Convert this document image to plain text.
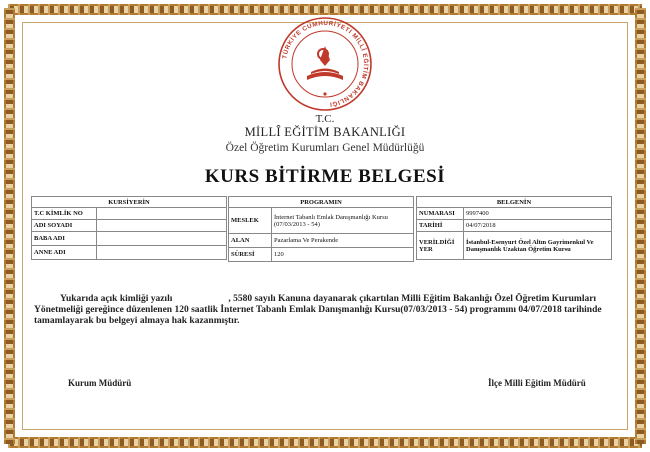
TÜRKİYE CUMHURİYETİ MİLLÎ EĞİTİM BAKANLIĞI
T.C.
MİLLÎ EĞİTİM BAKANLIĞI
Özel Öğretim Kurumları Genel Müdürlüğü
KURS BİTİRME BELGESİ
KURSİYERİN	
T.C KİMLİK NO	
ADI SOYADI	
BABA ADI	
ANNE ADI	
PROGRAMIN	
MESLEK	İnternet Tabanlı Emlak Danışmanlığı Kursu (07/03/2013 - 54)
ALAN	Pazarlama Ve Perakende
SÜRESİ	120
BELGENİN	
NUMARASI	9997400
TARİHİ	04/07/2018
VERİLDİĞİ YER	İstanbul-Esenyurt Özel Altın Gayrimenkul Ve Danışmanlık Uzaktan Öğretim Kursu
Yukarıda açık kimliği yazılı	, 5580 sayılı Kanuna dayanarak çıkartılan Milli Eğitim Bakanlığı Özel Öğretim Kurumları Yönetmeliği gereğince düzenlenen 120 saatlik İnternet Tabanlı Emlak Danışmanlığı Kursu(07/03/2013 - 54) programını 04/07/2018 tarihinde tamamlayarak bu belgeyi almaya hak kazanmıştır.
Kurum Müdürü	İlçe Milli Eğitim Müdürü
